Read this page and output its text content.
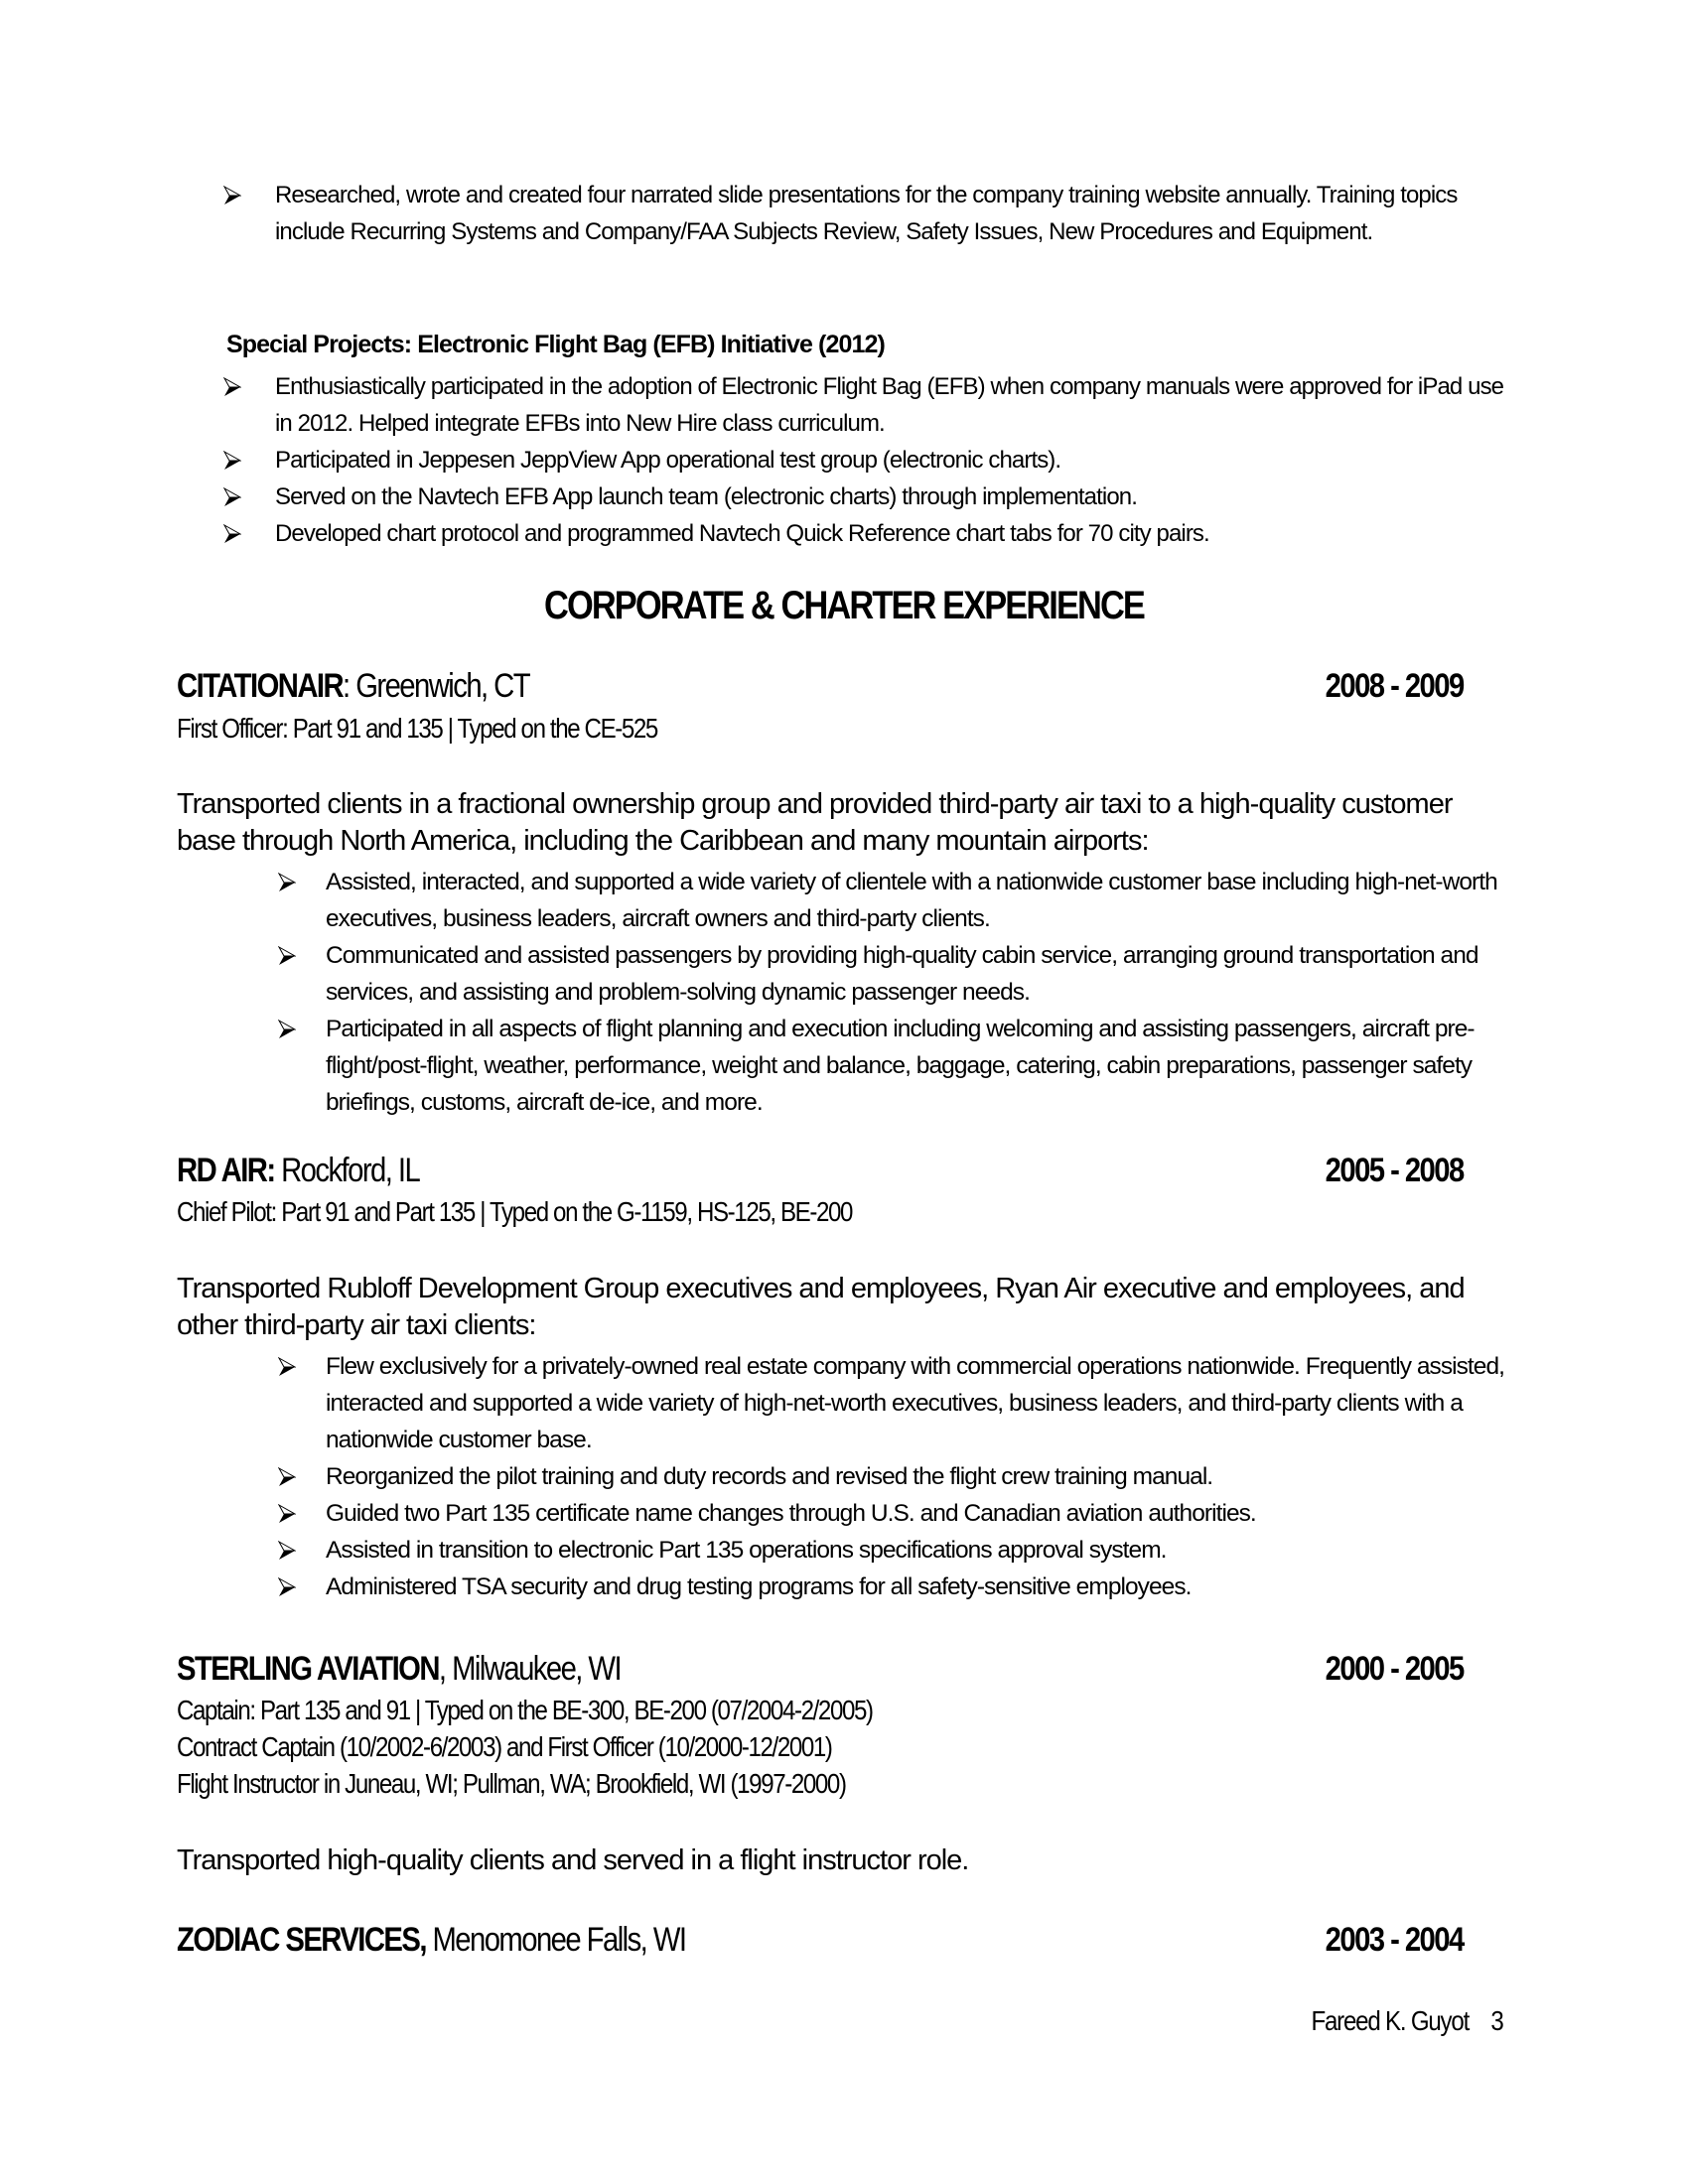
Researched, wrote and created four narrated slide presentations for the company training website annually. Training topics include Recurring Systems and Company/FAA Subjects Review, Safety Issues, New Procedures and Equipment.
Special Projects: Electronic Flight Bag (EFB) Initiative (2012)
Enthusiastically participated in the adoption of Electronic Flight Bag (EFB) when company manuals were approved for iPad use in 2012. Helped integrate EFBs into New Hire class curriculum.
Participated in Jeppesen JeppView App operational test group (electronic charts).
Served on the Navtech EFB App launch team (electronic charts) through implementation.
Developed chart protocol and programmed Navtech Quick Reference chart tabs for 70 city pairs.
CORPORATE & CHARTER EXPERIENCE
CITATIONAIR: Greenwich, CT	2008 - 2009
First Officer: Part 91 and 135 | Typed on the CE-525
Transported clients in a fractional ownership group and provided third-party air taxi to a high-quality customer base through North America, including the Caribbean and many mountain airports:
Assisted, interacted, and supported a wide variety of clientele with a nationwide customer base including high-net-worth executives, business leaders, aircraft owners and third-party clients.
Communicated and assisted passengers by providing high-quality cabin service, arranging ground transportation and services, and assisting and problem-solving dynamic passenger needs.
Participated in all aspects of flight planning and execution including welcoming and assisting passengers, aircraft pre-flight/post-flight, weather, performance, weight and balance, baggage, catering, cabin preparations, passenger safety briefings, customs, aircraft de-ice, and more.
RD AIR: Rockford, IL	2005 - 2008
Chief Pilot: Part 91 and Part 135 | Typed on the G-1159, HS-125, BE-200
Transported Rubloff Development Group executives and employees, Ryan Air executive and employees, and other third-party air taxi clients:
Flew exclusively for a privately-owned real estate company with commercial operations nationwide. Frequently assisted, interacted and supported a wide variety of high-net-worth executives, business leaders, and third-party clients with a nationwide customer base.
Reorganized the pilot training and duty records and revised the flight crew training manual.
Guided two Part 135 certificate name changes through U.S. and Canadian aviation authorities.
Assisted in transition to electronic Part 135 operations specifications approval system.
Administered TSA security and drug testing programs for all safety-sensitive employees.
STERLING AVIATION, Milwaukee, WI	2000 - 2005
Captain: Part 135 and 91 | Typed on the BE-300, BE-200 (07/2004-2/2005)
Contract Captain (10/2002-6/2003) and First Officer (10/2000-12/2001)
Flight Instructor in Juneau, WI; Pullman, WA; Brookfield, WI (1997-2000)
Transported high-quality clients and served in a flight instructor role.
ZODIAC SERVICES, Menomonee Falls, WI	2003 - 2004
Fareed K. Guyot 3
